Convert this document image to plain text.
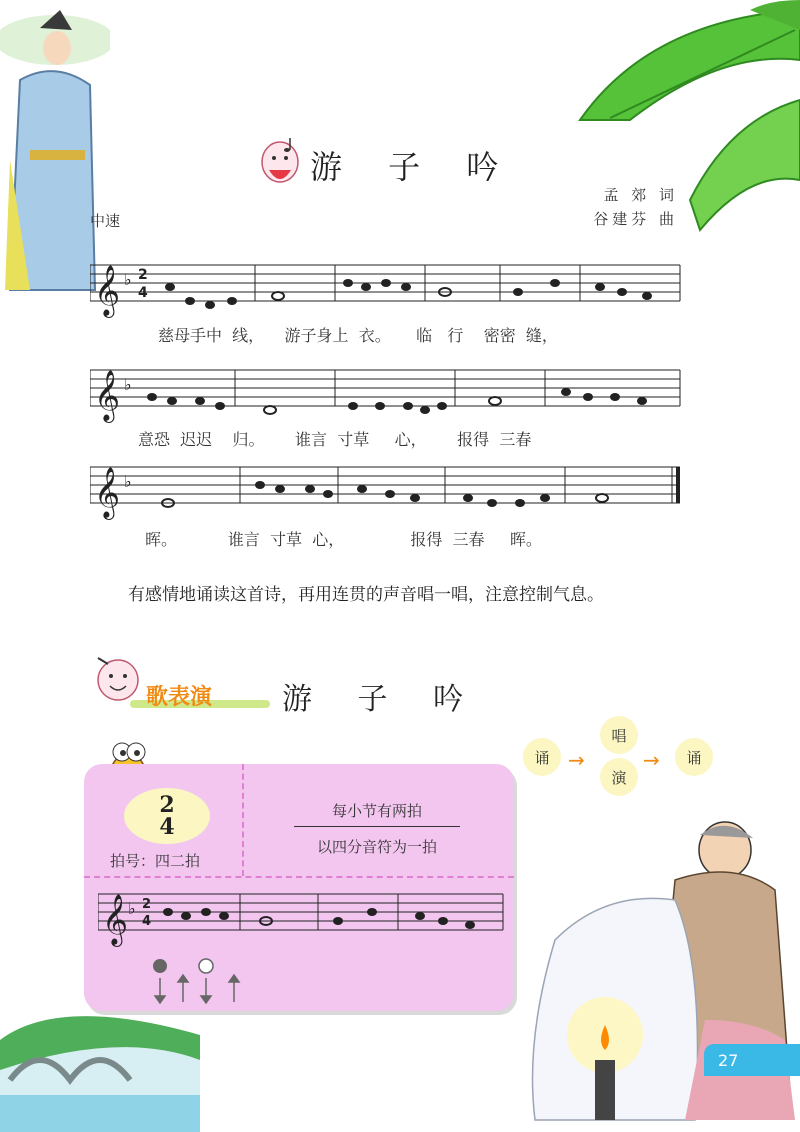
游 子 吟
孟 郊 词
谷建芬 曲
中速
𝄞 ♭ 2
4
慈母手中  线，    游子身上  衣。     临   行    密密  缝，
𝄞 ♭
意恐  迟迟    归。      谁言  寸草     心，      报得  三春
𝄞 ♭
晖。          谁言  寸草  心，             报得  三春     晖。
有感情地诵读这首诗，再用连贯的声音唱一唱，注意控制气息。
歌表演 游 子 吟
诵 →
唱
演
→	诵
2
4
拍号：四二拍
每小节有两拍
以四分音符为一拍
𝄞 ♭ 2
4
27
